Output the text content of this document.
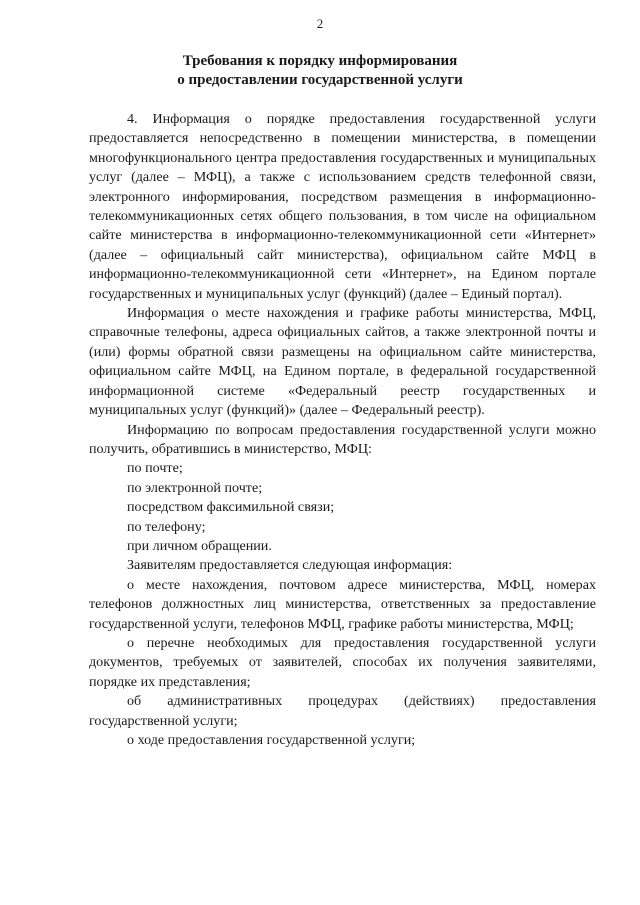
2
Требования к порядку информирования
о предоставлении государственной услуги

4. Информация о порядке предоставления государственной услуги предоставляется непосредственно в помещении министерства, в помещении многофункционального центра предоставления государственных и муниципальных услуг (далее – МФЦ), а также с использованием средств телефонной связи, электронного информирования, посредством размещения в информационно-телекоммуникационных сетях общего пользования, в том числе на официальном сайте министерства в информационно-телекоммуникационной сети «Интернет» (далее – официальный сайт министерства), официальном сайте МФЦ в информационно-телекоммуникационной сети «Интернет», на Едином портале государственных и муниципальных услуг (функций) (далее – Единый портал).

Информация о месте нахождения и графике работы министерства, МФЦ, справочные телефоны, адреса официальных сайтов, а также электронной почты и (или) формы обратной связи размещены на официальном сайте министерства, официальном сайте МФЦ, на Едином портале, в федеральной государственной информационной системе «Федеральный реестр государственных и муниципальных услуг (функций)» (далее – Федеральный реестр).

Информацию по вопросам предоставления государственной услуги можно получить, обратившись в министерство, МФЦ:

по почте;

по электронной почте;

посредством факсимильной связи;

по телефону;

при личном обращении.

Заявителям предоставляется следующая информация:

о месте нахождения, почтовом адресе министерства, МФЦ, номерах телефонов должностных лиц министерства, ответственных за предоставление государственной услуги, телефонов МФЦ, графике работы министерства, МФЦ;

о перечне необходимых для предоставления государственной услуги документов, требуемых от заявителей, способах их получения заявителями, порядке их представления;

об административных процедурах (действиях) предоставления государственной услуги;

о ходе предоставления государственной услуги;
